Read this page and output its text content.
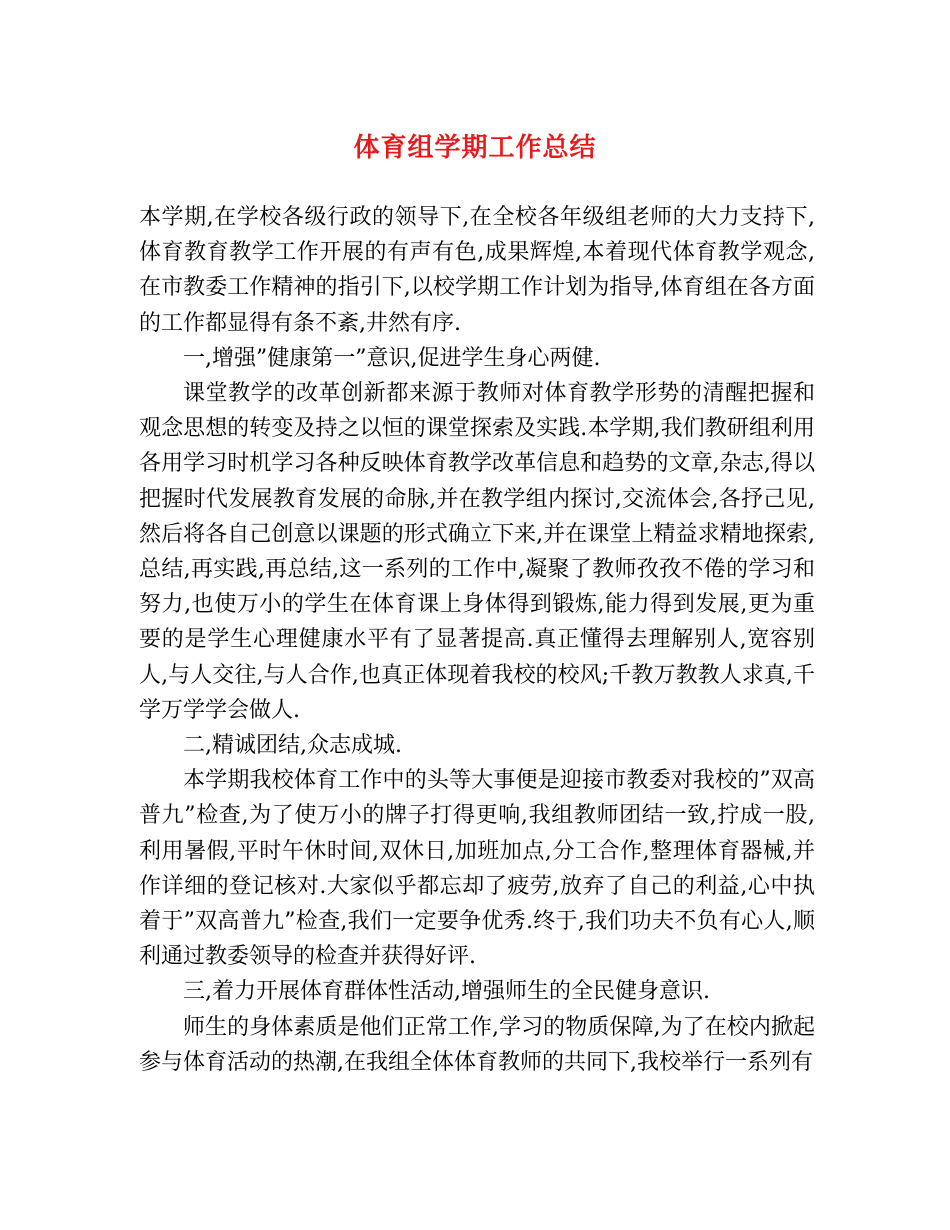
体育组学期工作总结

本学期,在学校各级行政的领导下,在全校各年级组老师的大力支持下,体育教育教学工作开展的有声有色,成果辉煌,本着现代体育教学观念,在市教委工作精神的指引下,以校学期工作计划为指导,体育组在各方面的工作都显得有条不紊,井然有序.

一,增强”健康第一”意识,促进学生身心两健.

课堂教学的改革创新都来源于教师对体育教学形势的清醒把握和观念思想的转变及持之以恒的课堂探索及实践.本学期,我们教研组利用各用学习时机学习各种反映体育教学改革信息和趋势的文章,杂志,得以把握时代发展教育发展的命脉,并在教学组内探讨,交流体会,各抒己见,然后将各自己创意以课题的形式确立下来,并在课堂上精益求精地探索,总结,再实践,再总结,这一系列的工作中,凝聚了教师孜孜不倦的学习和努力,也使万小的学生在体育课上身体得到锻炼,能力得到发展,更为重要的是学生心理健康水平有了显著提高.真正懂得去理解别人,宽容别人,与人交往,与人合作,也真正体现着我校的校风;千教万教教人求真,千学万学学会做人.

二,精诚团结,众志成城.

本学期我校体育工作中的头等大事便是迎接市教委对我校的”双高普九”检查,为了使万小的牌子打得更响,我组教师团结一致,拧成一股,利用暑假,平时午休时间,双休日,加班加点,分工合作,整理体育器械,并作详细的登记核对.大家似乎都忘却了疲劳,放弃了自己的利益,心中执着于”双高普九”检查,我们一定要争优秀.终于,我们功夫不负有心人,顺利通过教委领导的检查并获得好评.

三,着力开展体育群体性活动,增强师生的全民健身意识.

师生的身体素质是他们正常工作,学习的物质保障,为了在校内掀起参与体育活动的热潮,在我组全体体育教师的共同下,我校举行一系列有
